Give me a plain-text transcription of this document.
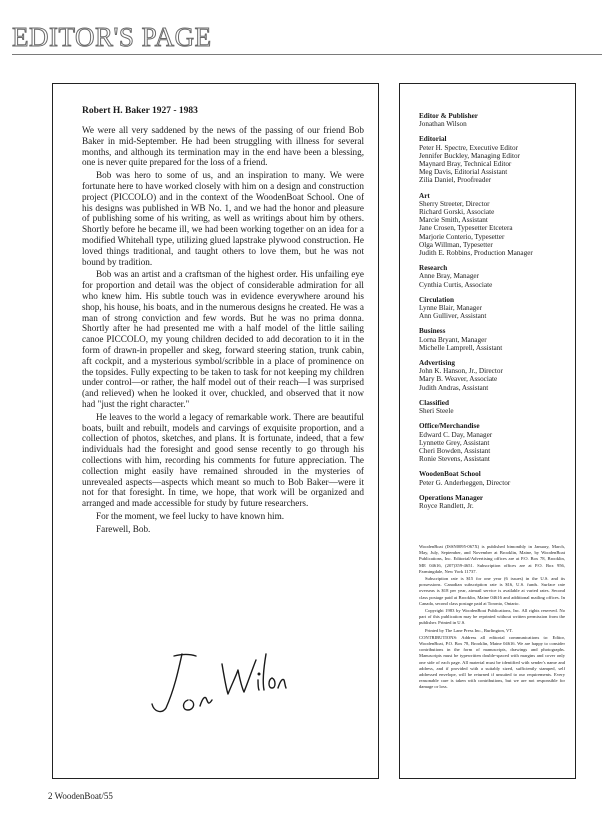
EDITOR'S PAGE
Robert H. Baker 1927 - 1983

We were all very saddened by the news of the passing of our friend Bob Baker in mid-September. He had been struggling with illness for several months, and although its termination may in the end have been a blessing, one is never quite prepared for the loss of a friend.

Bob was hero to some of us, and an inspiration to many. We were fortunate here to have worked closely with him on a design and construction project (PICCOLO) and in the context of the WoodenBoat School. One of his designs was published in WB No. 1, and we had the honor and pleasure of publishing some of his writing, as well as writings about him by others. Shortly before he became ill, we had been working together on an idea for a modified Whitehall type, utilizing glued lapstrake plywood construction. He loved things traditional, and taught others to love them, but he was not bound by tradition.

Bob was an artist and a craftsman of the highest order. His unfailing eye for proportion and detail was the object of considerable admiration for all who knew him. His subtle touch was in evidence everywhere around his shop, his house, his boats, and in the numerous designs he created. He was a man of strong conviction and few words. But he was no prima donna. Shortly after he had presented me with a half model of the little sailing canoe PICCOLO, my young children decided to add decoration to it in the form of drawn-in propeller and skeg, forward steering station, trunk cabin, aft cockpit, and a mysterious symbol/scribble in a place of prominence on the topsides. Fully expecting to be taken to task for not keeping my children under control—or rather, the half model out of their reach—I was surprised (and relieved) when he looked it over, chuckled, and observed that it now had "just the right character."

He leaves to the world a legacy of remarkable work. There are beautiful boats, built and rebuilt, models and carvings of exquisite proportion, and a collection of photos, sketches, and plans. It is fortunate, indeed, that a few individuals had the foresight and good sense recently to go through his collections with him, recording his comments for future appreciation. The collection might easily have remained shrouded in the mysteries of unrevealed aspects—aspects which meant so much to Bob Baker—were it not for that foresight. In time, we hope, that work will be organized and arranged and made accessible for study by future researchers.

For the moment, we feel lucky to have known him.

Farewell, Bob.

Editor & Publisher
Jonathan Wilson
Editorial
Peter H. Spectre, Executive Editor
Jennifer Buckley, Managing Editor
Maynard Bray, Technical Editor
Meg Davis, Editorial Assistant
Zilia Daniel, Proofreader
Art
Sherry Streeter, Director
Richard Gorski, Associate
Marcie Smith, Assistant
Jane Crosen, Typesetter Etcetera
Marjorie Conterio, Typesetter
Olga Willman, Typesetter
Judith E. Robbins, Production Manager
Research
Anne Bray, Manager
Cynthia Curtis, Associate
Circulation
Lynne Blair, Manager
Ann Gulliver, Assistant
Business
Lorna Bryant, Manager
Michelle Lamprell, Assistant
Advertising
John K. Hanson, Jr., Director
Mary B. Weaver, Associate
Judith Andras, Assistant
Classified
Sheri Steele
Office/Merchandise
Edward C. Day, Manager
Lynnette Grey, Assistant
Cheri Bowden, Assistant
Ronie Stevens, Assistant
WoodenBoat School
Peter G. Anderheggen, Director
Operations Manager
Royce Randlett, Jr.

WoodenBoat (ISSN0095-067X) is published bimonthly in January, March, May, July, September, and November at Brooklin, Maine, by WoodenBoat Publications, Inc. Editorial/Advertising offices are at P.O. Box 78, Brooklin, ME 04616, (207)359-4651. Subscription offices are at P.O. Box 956, Farmingdale, New York 11737.

Subscription rate is $15 for one year (6 issues) in the U.S. and its possessions. Canadian subscription rate is $16, U.S. funds. Surface rate overseas is $18 per year, airmail service is available at varied rates. Second class postage paid at Brooklin, Maine 04616 and additional mailing offices. In Canada, second class postage paid at Toronto, Ontario.

Copyright 1983 by WoodenBoat Publications, Inc. All rights reserved. No part of this publication may be reprinted without written permission from the publisher. Printed in U.S.

Printed by The Lane Press Inc., Burlington, VT.

CONTRIBUTIONS: Address all editorial communications to: Editor, WoodenBoat, P.O. Box 78, Brooklin, Maine 04616. We are happy to consider contributions in the form of manuscripts, drawings and photographs. Manuscripts must be typewritten double-spaced with margins and cover only one side of each page. All material must be identified with sender's name and address, and if provided with a suitably sized, sufficiently stamped, self addressed envelope, will be returned if unsuited to our requirements. Every reasonable care is taken with contributions, but we are not responsible for damage or loss.

2 WoodenBoat/55
